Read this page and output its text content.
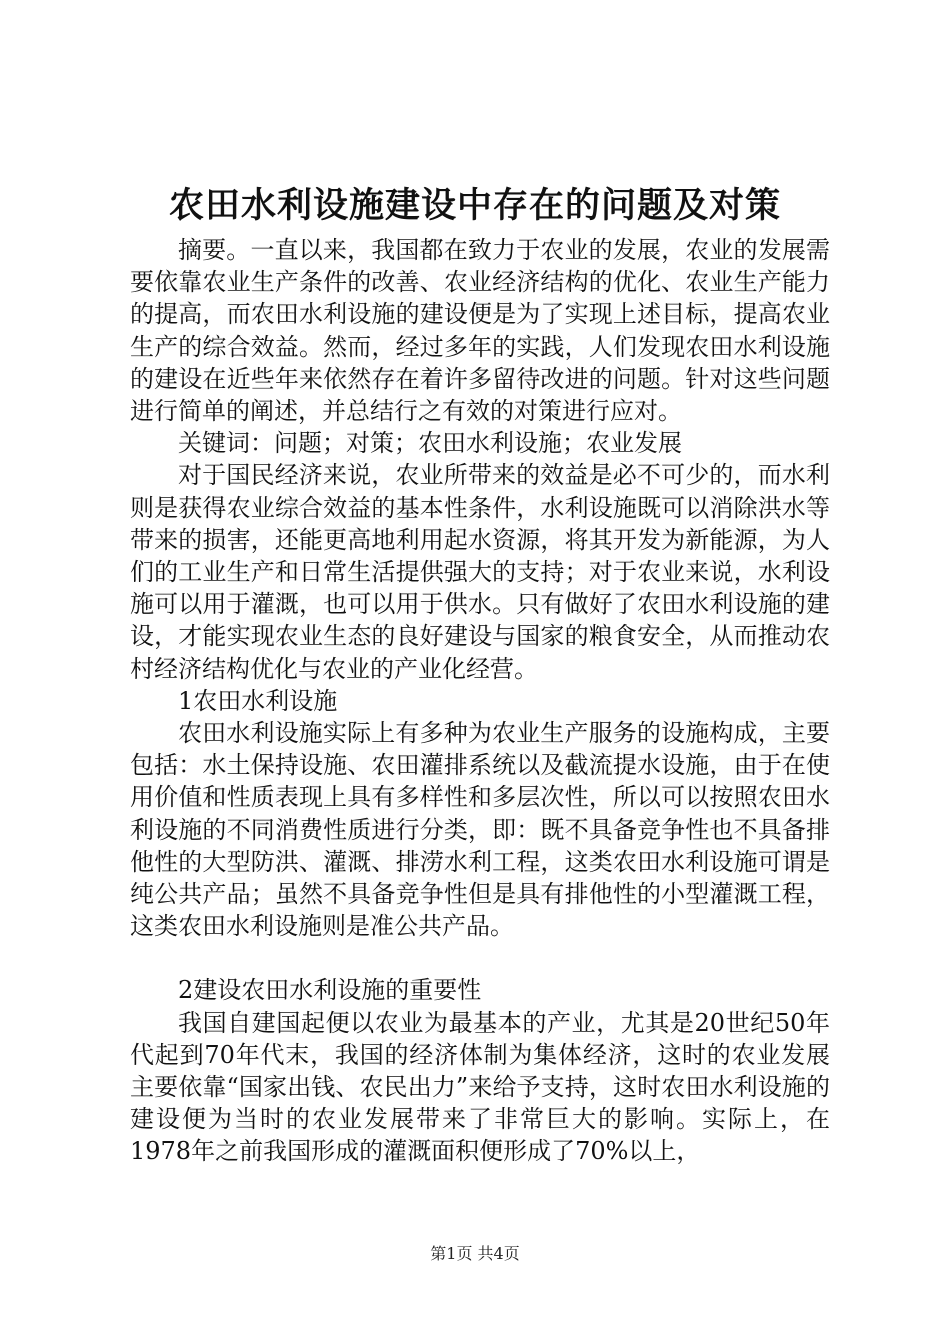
农田水利设施建设中存在的问题及对策

摘要。一直以来，我国都在致力于农业的发展，农业的发展需要依靠农业生产条件的改善、农业经济结构的优化、农业生产能力的提高，而农田水利设施的建设便是为了实现上述目标，提高农业生产的综合效益。然而，经过多年的实践，人们发现农田水利设施的建设在近些年来依然存在着许多留待改进的问题。针对这些问题进行简单的阐述，并总结行之有效的对策进行应对。

关键词：问题；对策；农田水利设施；农业发展

对于国民经济来说，农业所带来的效益是必不可少的，而水利则是获得农业综合效益的基本性条件，水利设施既可以消除洪水等带来的损害，还能更高地利用起水资源，将其开发为新能源，为人们的工业生产和日常生活提供强大的支持；对于农业来说，水利设施可以用于灌溉，也可以用于供水。只有做好了农田水利设施的建设，才能实现农业生态的良好建设与国家的粮食安全，从而推动农村经济结构优化与农业的产业化经营。

1农田水利设施

农田水利设施实际上有多种为农业生产服务的设施构成，主要包括：水土保持设施、农田灌排系统以及截流提水设施，由于在使用价值和性质表现上具有多样性和多层次性，所以可以按照农田水利设施的不同消费性质进行分类，即：既不具备竞争性也不具备排他性的大型防洪、灌溉、排涝水利工程，这类农田水利设施可谓是纯公共产品；虽然不具备竞争性但是具有排他性的小型灌溉工程，这类农田水利设施则是准公共产品。

2建设农田水利设施的重要性

我国自建国起便以农业为最基本的产业，尤其是20世纪50年代起到70年代末，我国的经济体制为集体经济，这时的农业发展主要依靠“国家出钱、农民出力”来给予支持，这时农田水利设施的建设便为当时的农业发展带来了非常巨大的影响。实际上，在1978年之前我国形成的灌溉面积便形成了70%以上，

第1页 共4页
